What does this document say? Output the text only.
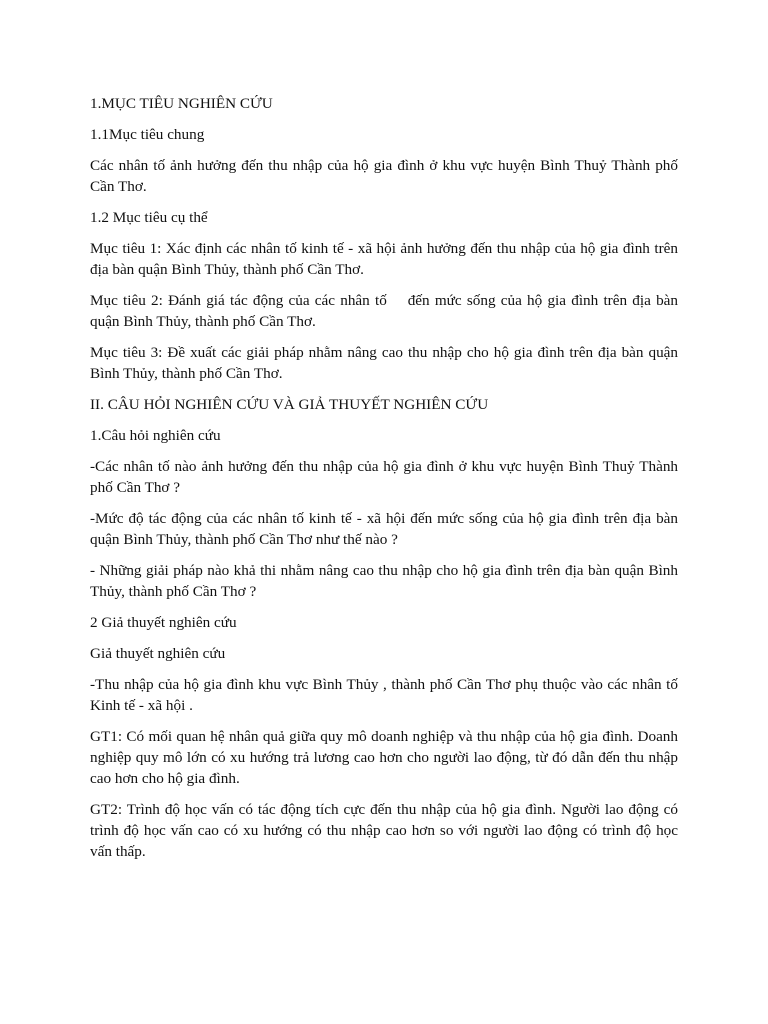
1.MỤC TIÊU NGHIÊN CỨU

1.1Mục tiêu chung

Các nhân tố ảnh hưởng đến thu nhập của hộ gia đình ở khu vực huyện Bình Thuỷ Thành phố Cần Thơ.

1.2 Mục tiêu cụ thể

Mục tiêu 1: Xác định các nhân tố kinh tế - xã hội ảnh hưởng đến thu nhập của hộ gia đình trên địa bàn quận Bình Thủy, thành phố Cần Thơ.

Mục tiêu 2: Đánh giá tác động của các nhân tố    đến mức sống của hộ gia đình trên địa bàn quận Bình Thủy, thành phố Cần Thơ.

Mục tiêu 3: Đề xuất các giải pháp nhằm nâng cao thu nhập cho hộ gia đình trên địa bàn quận Bình Thủy, thành phố Cần Thơ.

II. CÂU HỎI NGHIÊN CỨU VÀ GIẢ THUYẾT NGHIÊN CỨU

1.Câu hỏi nghiên cứu

-Các nhân tố nào ảnh hưởng đến thu nhập của hộ gia đình ở khu vực huyện Bình Thuỷ Thành phố Cần Thơ ?

-Mức độ tác động của các nhân tố kinh tế - xã hội đến mức sống của hộ gia đình trên địa bàn quận Bình Thủy, thành phố Cần Thơ như thế nào ?

- Những giải pháp nào khả thi nhằm nâng cao thu nhập cho hộ gia đình trên địa bàn quận Bình Thủy, thành phố Cần Thơ ?

2 Giả thuyết nghiên cứu

Giả thuyết nghiên cứu

-Thu nhập của hộ gia đình khu vực Bình Thủy , thành phố Cần Thơ phụ thuộc vào các nhân tố Kinh tế - xã hội .

GT1: Có mối quan hệ nhân quả giữa quy mô doanh nghiệp và thu nhập của hộ gia đình. Doanh nghiệp quy mô lớn có xu hướng trả lương cao hơn cho người lao động, từ đó dẫn đến thu nhập cao hơn cho hộ gia đình.

GT2: Trình độ học vấn có tác động tích cực đến thu nhập của hộ gia đình. Người lao động có trình độ học vấn cao có xu hướng có thu nhập cao hơn so với người lao động có trình độ học vấn thấp.
